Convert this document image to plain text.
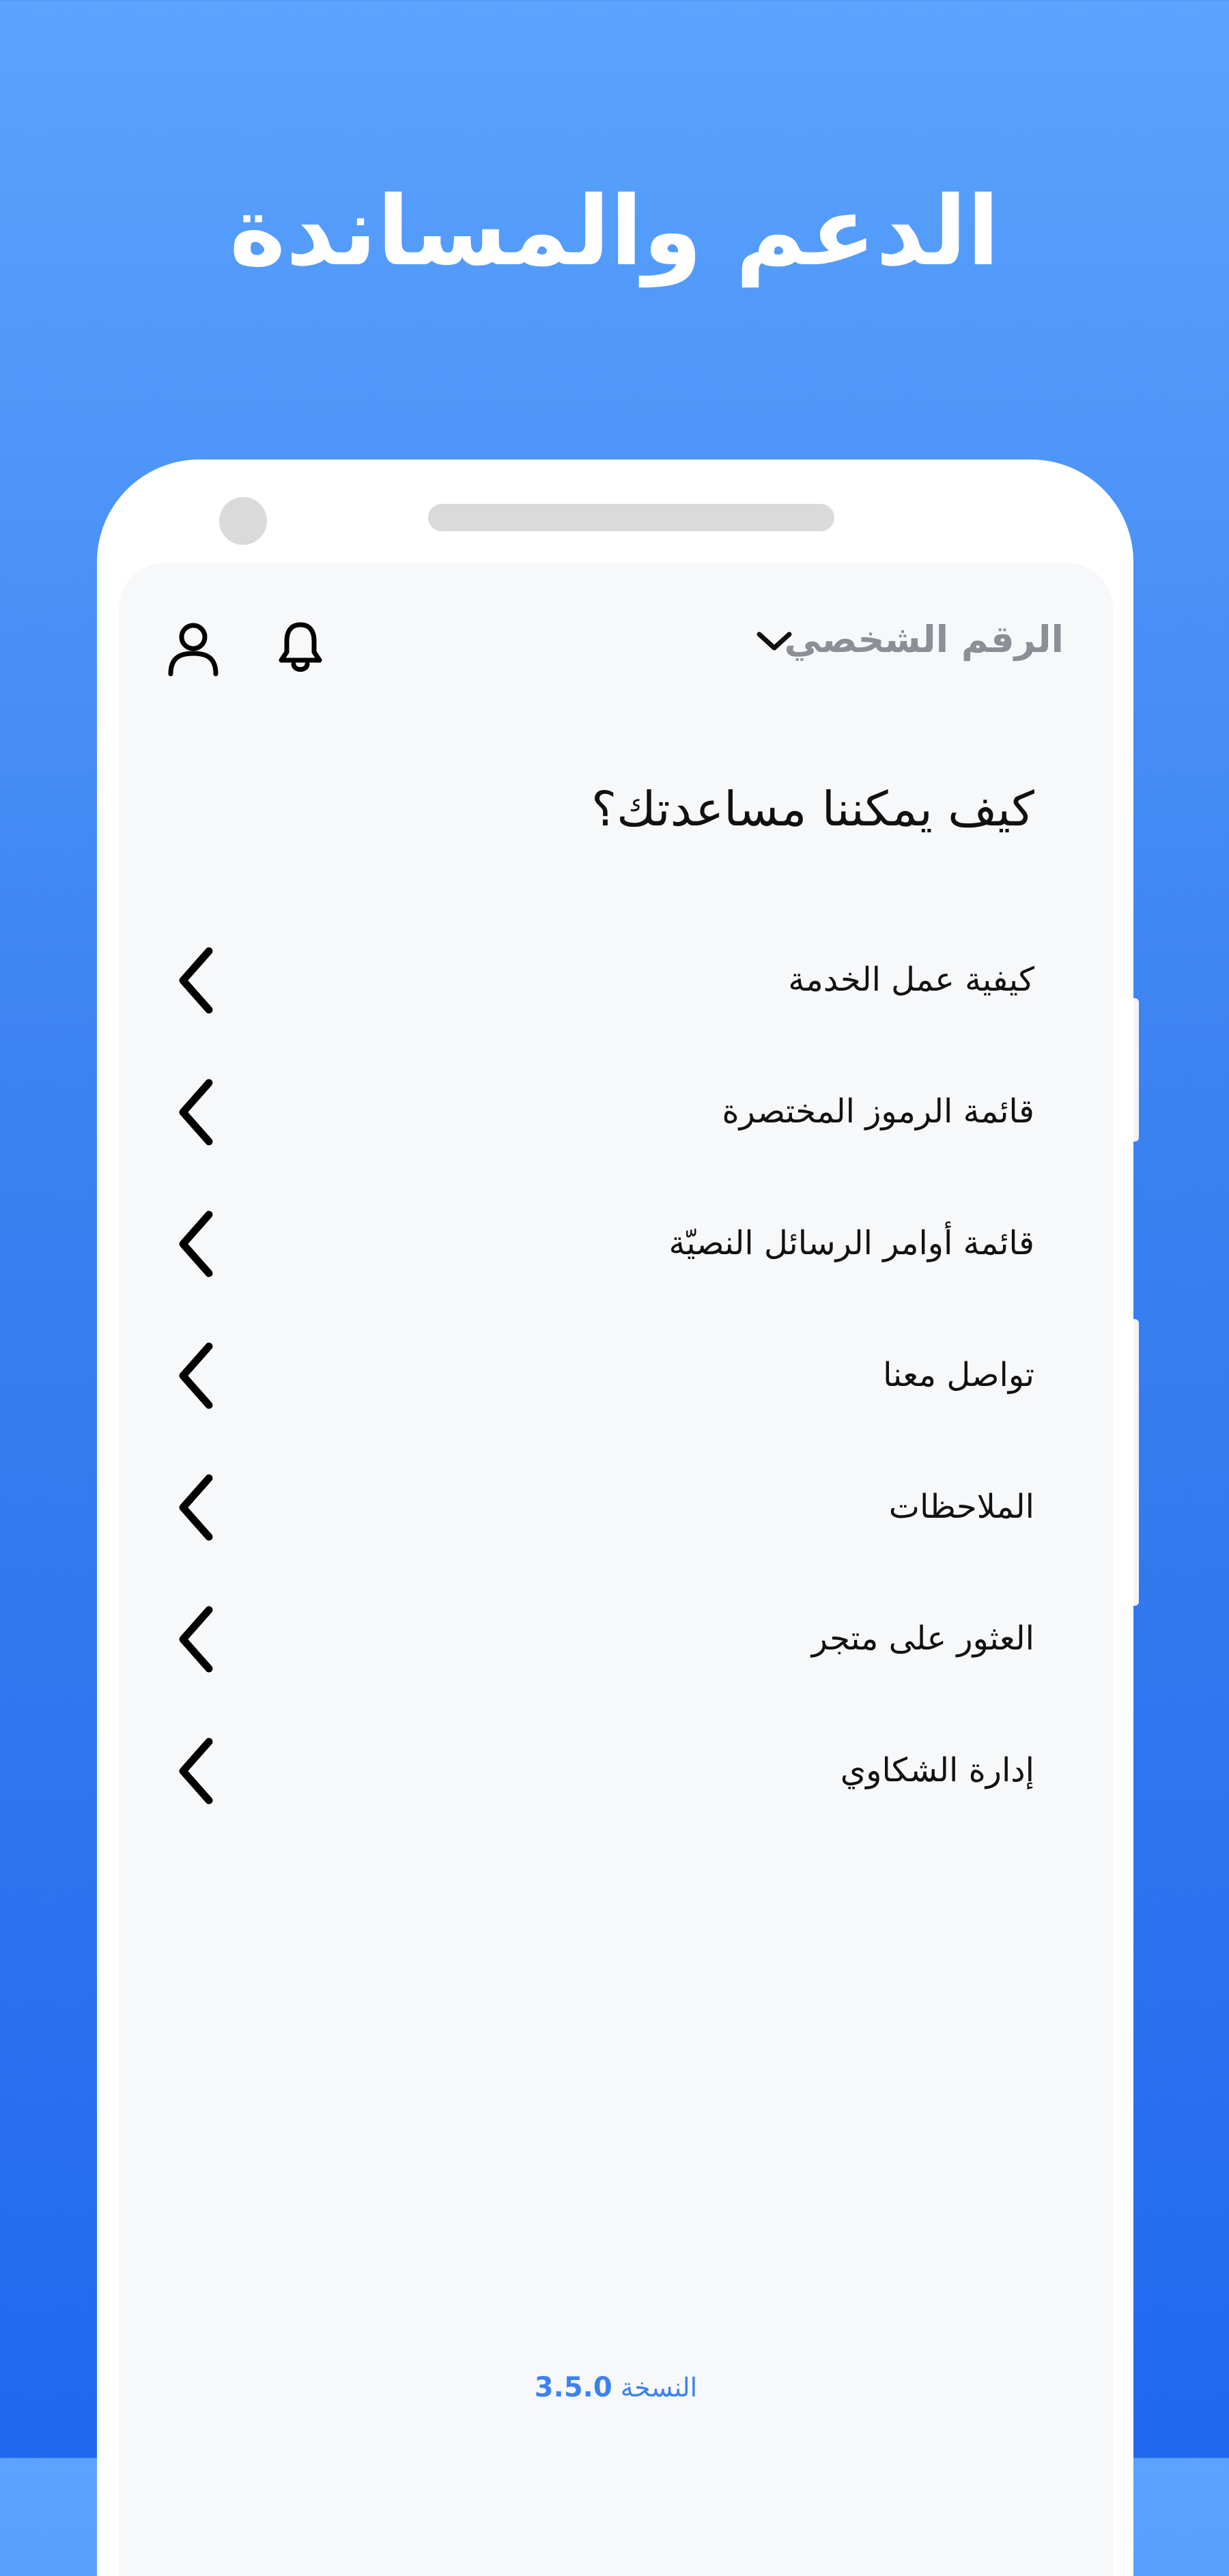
الدعم والمساندة
الرقم الشخصي
كيف يمكننا مساعدتك؟
كيفية عمل الخدمة
قائمة الرموز المختصرة
قائمة أوامر الرسائل النصيّة
تواصل معنا
الملاحظات
العثور على متجر
إدارة الشكاوي
النسخة 3.5.0
